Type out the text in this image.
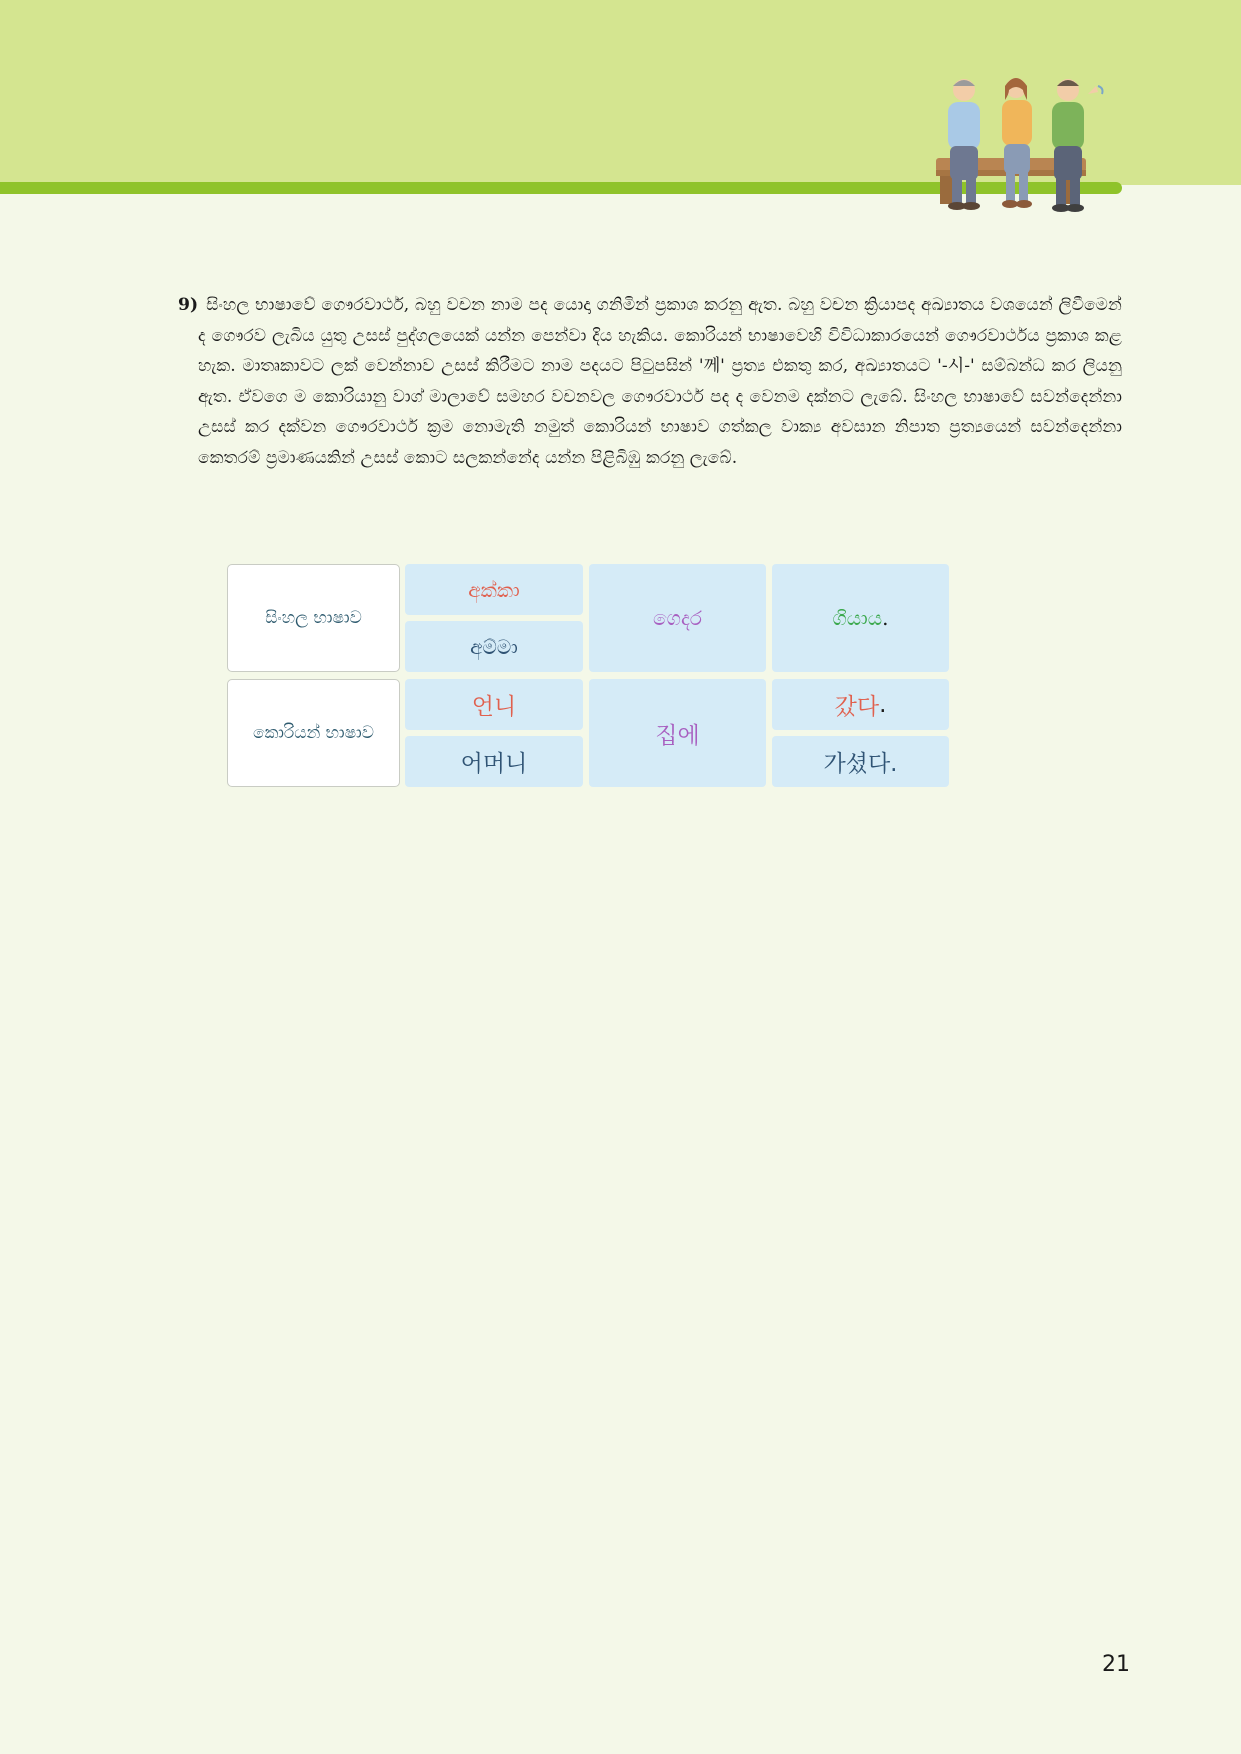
9) සිංහල භාෂාවේ ගෞරවාර්ථ, බහු වචන නාම පද යොදා ගනිමින් ප්‍රකාශ කරනු ඇත. බහු වචන ක්‍රියාපද අඛ්‍යාතය වශයෙන් ලිවීමෙන් ද ගෞරව ලැබිය යුතු උසස් පුද්ගලයෙක් යන්න පෙන්වා දිය හැකිය. කොරියන් භාෂාවෙහි විවිධාකාරයෙන් ගෞරවාර්ථය ප්‍රකාශ කළ හැක. මාතෘකාවට ලක් වෙන්නාව උසස් කිරීමට නාම පදයට පිටුපසින් '께' ප්‍රත්‍ය එකතු කර, අඛ්‍යාතයට '-시-' සම්බන්ධ කර ලියනු ඇත. ඒවගෙ ම කොරියානු වාග් මාලාවේ සමහර වචනවල ගෞරවාර්ථ පද ද වෙනම දක්නට ලැබේ. සිංහල භාෂාවේ සවන්දෙන්නා උසස් කර දක්වන ගෞරවාර්ථ ක්‍රම නොමැති නමුත් කොරියන් භාෂාව ගත්කල වාක්‍ය අවසාන නිපාත ප්‍රත්‍යයෙන් සවන්දෙන්නා කෙතරම් ප්‍රමාණයකින් උසස් කොට සලකන්නේද යන්න පිළිබිඹු කරනු ලැබේ.

සිංහල භාෂාව
අක්කා
අම්මා
ගෙදර	ගියාය .
කොරියන් භාෂාව
언니
어머니
집에
갔다 .
가셨다.
21
